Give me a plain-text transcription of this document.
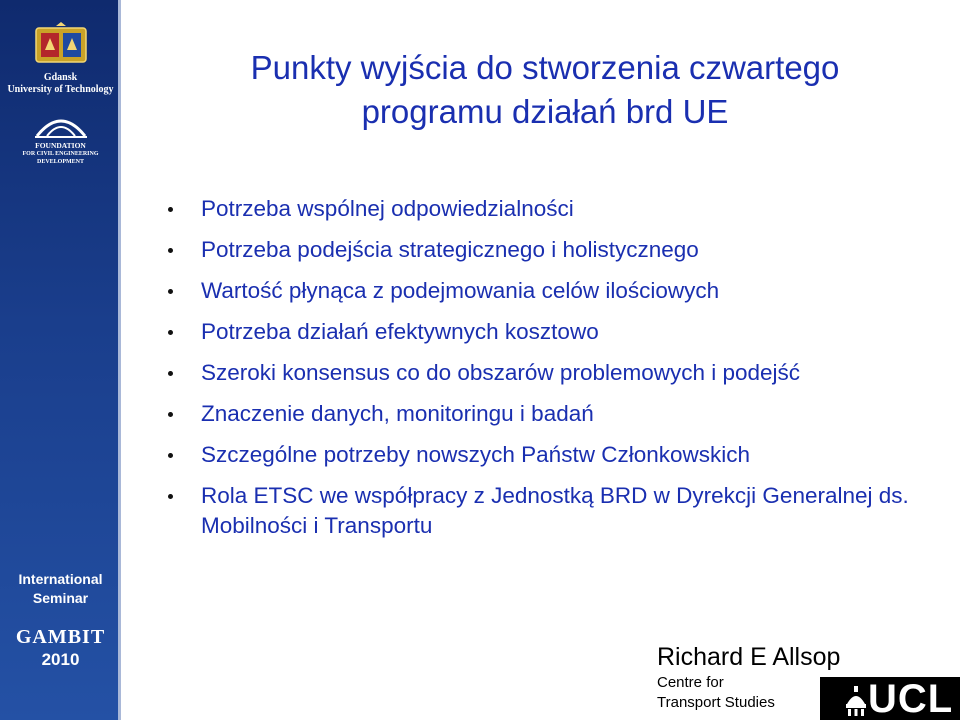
Gdansk
University of Technology
FOUNDATION
FOR CIVIL ENGINEERING DEVELOPMENT
International
Seminar
GAMBIT
2010
Punkty wyjścia do stworzenia czwartego
programu działań brd UE
Potrzeba wspólnej odpowiedzialności
Potrzeba podejścia strategicznego i holistycznego
Wartość płynąca z podejmowania celów ilościowych
Potrzeba działań efektywnych kosztowo
Szeroki konsensus co do obszarów problemowych i podejść
Znaczenie danych, monitoringu i badań
Szczególne potrzeby nowszych Państw Członkowskich
Rola ETSC we współpracy z Jednostką BRD w Dyrekcji Generalnej ds. Mobilności i Transportu
Richard E Allsop
Centre for
Transport Studies UCL
